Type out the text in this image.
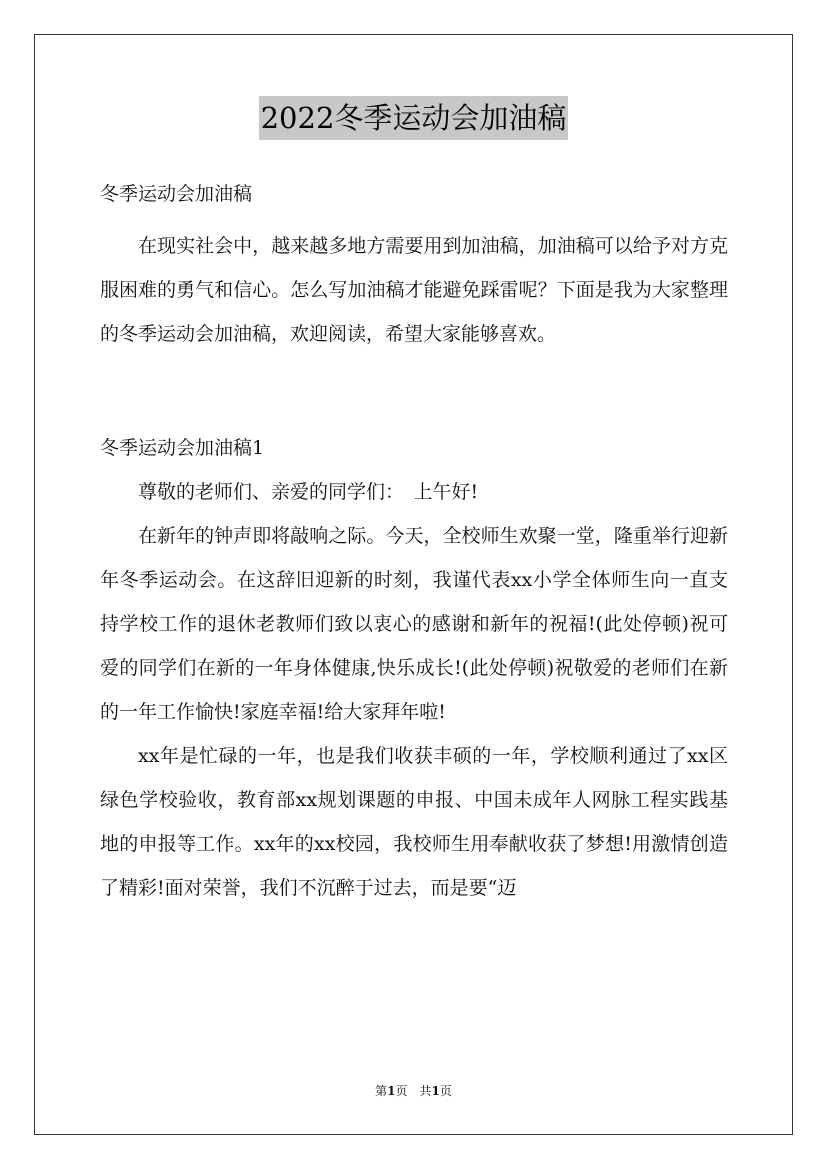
2022冬季运动会加油稿

冬季运动会加油稿

在现实社会中，越来越多地方需要用到加油稿，加油稿可以给予对方克服困难的勇气和信心。怎么写加油稿才能避免踩雷呢？下面是我为大家整理的冬季运动会加油稿，欢迎阅读，希望大家能够喜欢。

冬季运动会加油稿1

尊敬的老师们、亲爱的同学们：　上午好!

在新年的钟声即将敲响之际。今天，全校师生欢聚一堂，隆重举行迎新年冬季运动会。在这辞旧迎新的时刻，我谨代表xx小学全体师生向一直支持学校工作的退休老教师们致以衷心的感谢和新年的祝福!(此处停顿)祝可爱的同学们在新的一年身体健康,快乐成长!(此处停顿)祝敬爱的老师们在新的一年工作愉快!家庭幸福!给大家拜年啦!

xx年是忙碌的一年，也是我们收获丰硕的一年，学校顺利通过了xx区绿色学校验收，教育部xx规划课题的申报、中国未成年人网脉工程实践基地的申报等工作。xx年的xx校园，我校师生用奉献收获了梦想!用激情创造了精彩!面对荣誉，我们不沉醉于过去，而是要“迈

第1页　共1页
